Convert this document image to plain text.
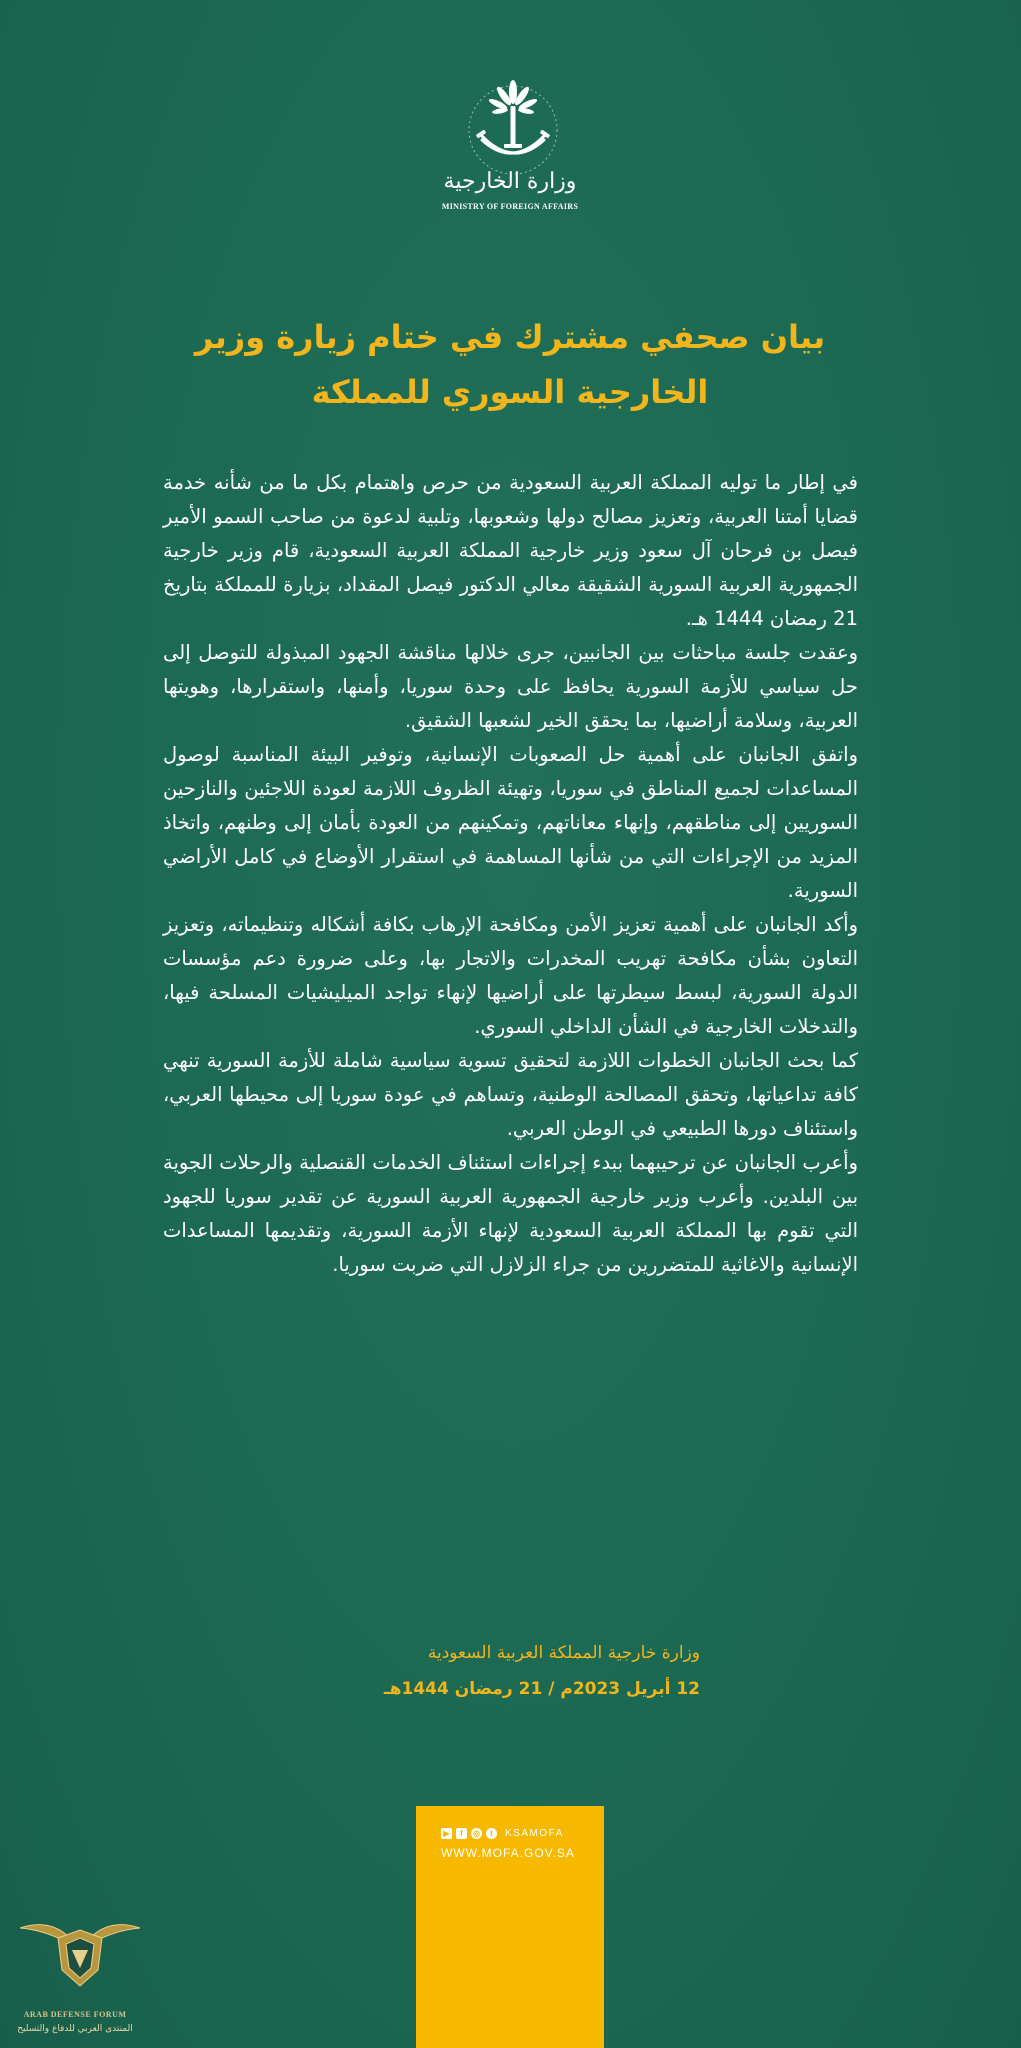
وزارة الخارجية
MINISTRY OF FOREIGN AFFAIRS
بيان صحفي مشترك في ختام زيارة وزير الخارجية السوري للمملكة

في إطار ما توليه المملكة العربية السعودية من حرص واهتمام بكل ما من شأنه خدمة قضايا أمتنا العربية، وتعزيز مصالح دولها وشعوبها، وتلبية لدعوة من صاحب السمو الأمير فيصل بن فرحان آل سعود وزير خارجية المملكة العربية السعودية، قام وزير خارجية الجمهورية العربية السورية الشقيقة معالي الدكتور فيصل المقداد، بزيارة للمملكة بتاريخ 21 رمضان 1444 هـ.

وعقدت جلسة مباحثات بين الجانبين، جرى خلالها مناقشة الجهود المبذولة للتوصل إلى حل سياسي للأزمة السورية يحافظ على وحدة سوريا، وأمنها، واستقرارها، وهويتها العربية، وسلامة أراضيها، بما يحقق الخير لشعبها الشقيق.

واتفق الجانبان على أهمية حل الصعوبات الإنسانية، وتوفير البيئة المناسبة لوصول المساعدات لجميع المناطق في سوريا، وتهيئة الظروف اللازمة لعودة اللاجئين والنازحين السوريين إلى مناطقهم، وإنهاء معاناتهم، وتمكينهم من العودة بأمان إلى وطنهم، واتخاذ المزيد من الإجراءات التي من شأنها المساهمة في استقرار الأوضاع في كامل الأراضي السورية.

وأكد الجانبان على أهمية تعزيز الأمن ومكافحة الإرهاب بكافة أشكاله وتنظيماته، وتعزيز التعاون بشأن مكافحة تهريب المخدرات والاتجار بها، وعلى ضرورة دعم مؤسسات الدولة السورية، لبسط سيطرتها على أراضيها لإنهاء تواجد الميليشيات المسلحة فيها، والتدخلات الخارجية في الشأن الداخلي السوري.

كما بحث الجانبان الخطوات اللازمة لتحقيق تسوية سياسية شاملة للأزمة السورية تنهي كافة تداعياتها، وتحقق المصالحة الوطنية، وتساهم في عودة سوريا إلى محيطها العربي، واستئناف دورها الطبيعي في الوطن العربي.

وأعرب الجانبان عن ترحيبهما ببدء إجراءات استئناف الخدمات القنصلية والرحلات الجوية بين البلدين. وأعرب وزير خارجية الجمهورية العربية السورية عن تقدير سوريا للجهود التي تقوم بها المملكة العربية السعودية لإنهاء الأزمة السورية، وتقديمها المساعدات الإنسانية والاغاثية للمتضررين من جراء الزلازل التي ضربت سوريا.

وزارة خارجية المملكة العربية السعودية
12 أبريل 2023م / 21 رمضان 1444هـ
▶	f	◎	t	KSAMOFA
WWW.MOFA.GOV.SA
ARAB DEFENSE FORUM
المنتدى العربي للدفاع والتسليح
